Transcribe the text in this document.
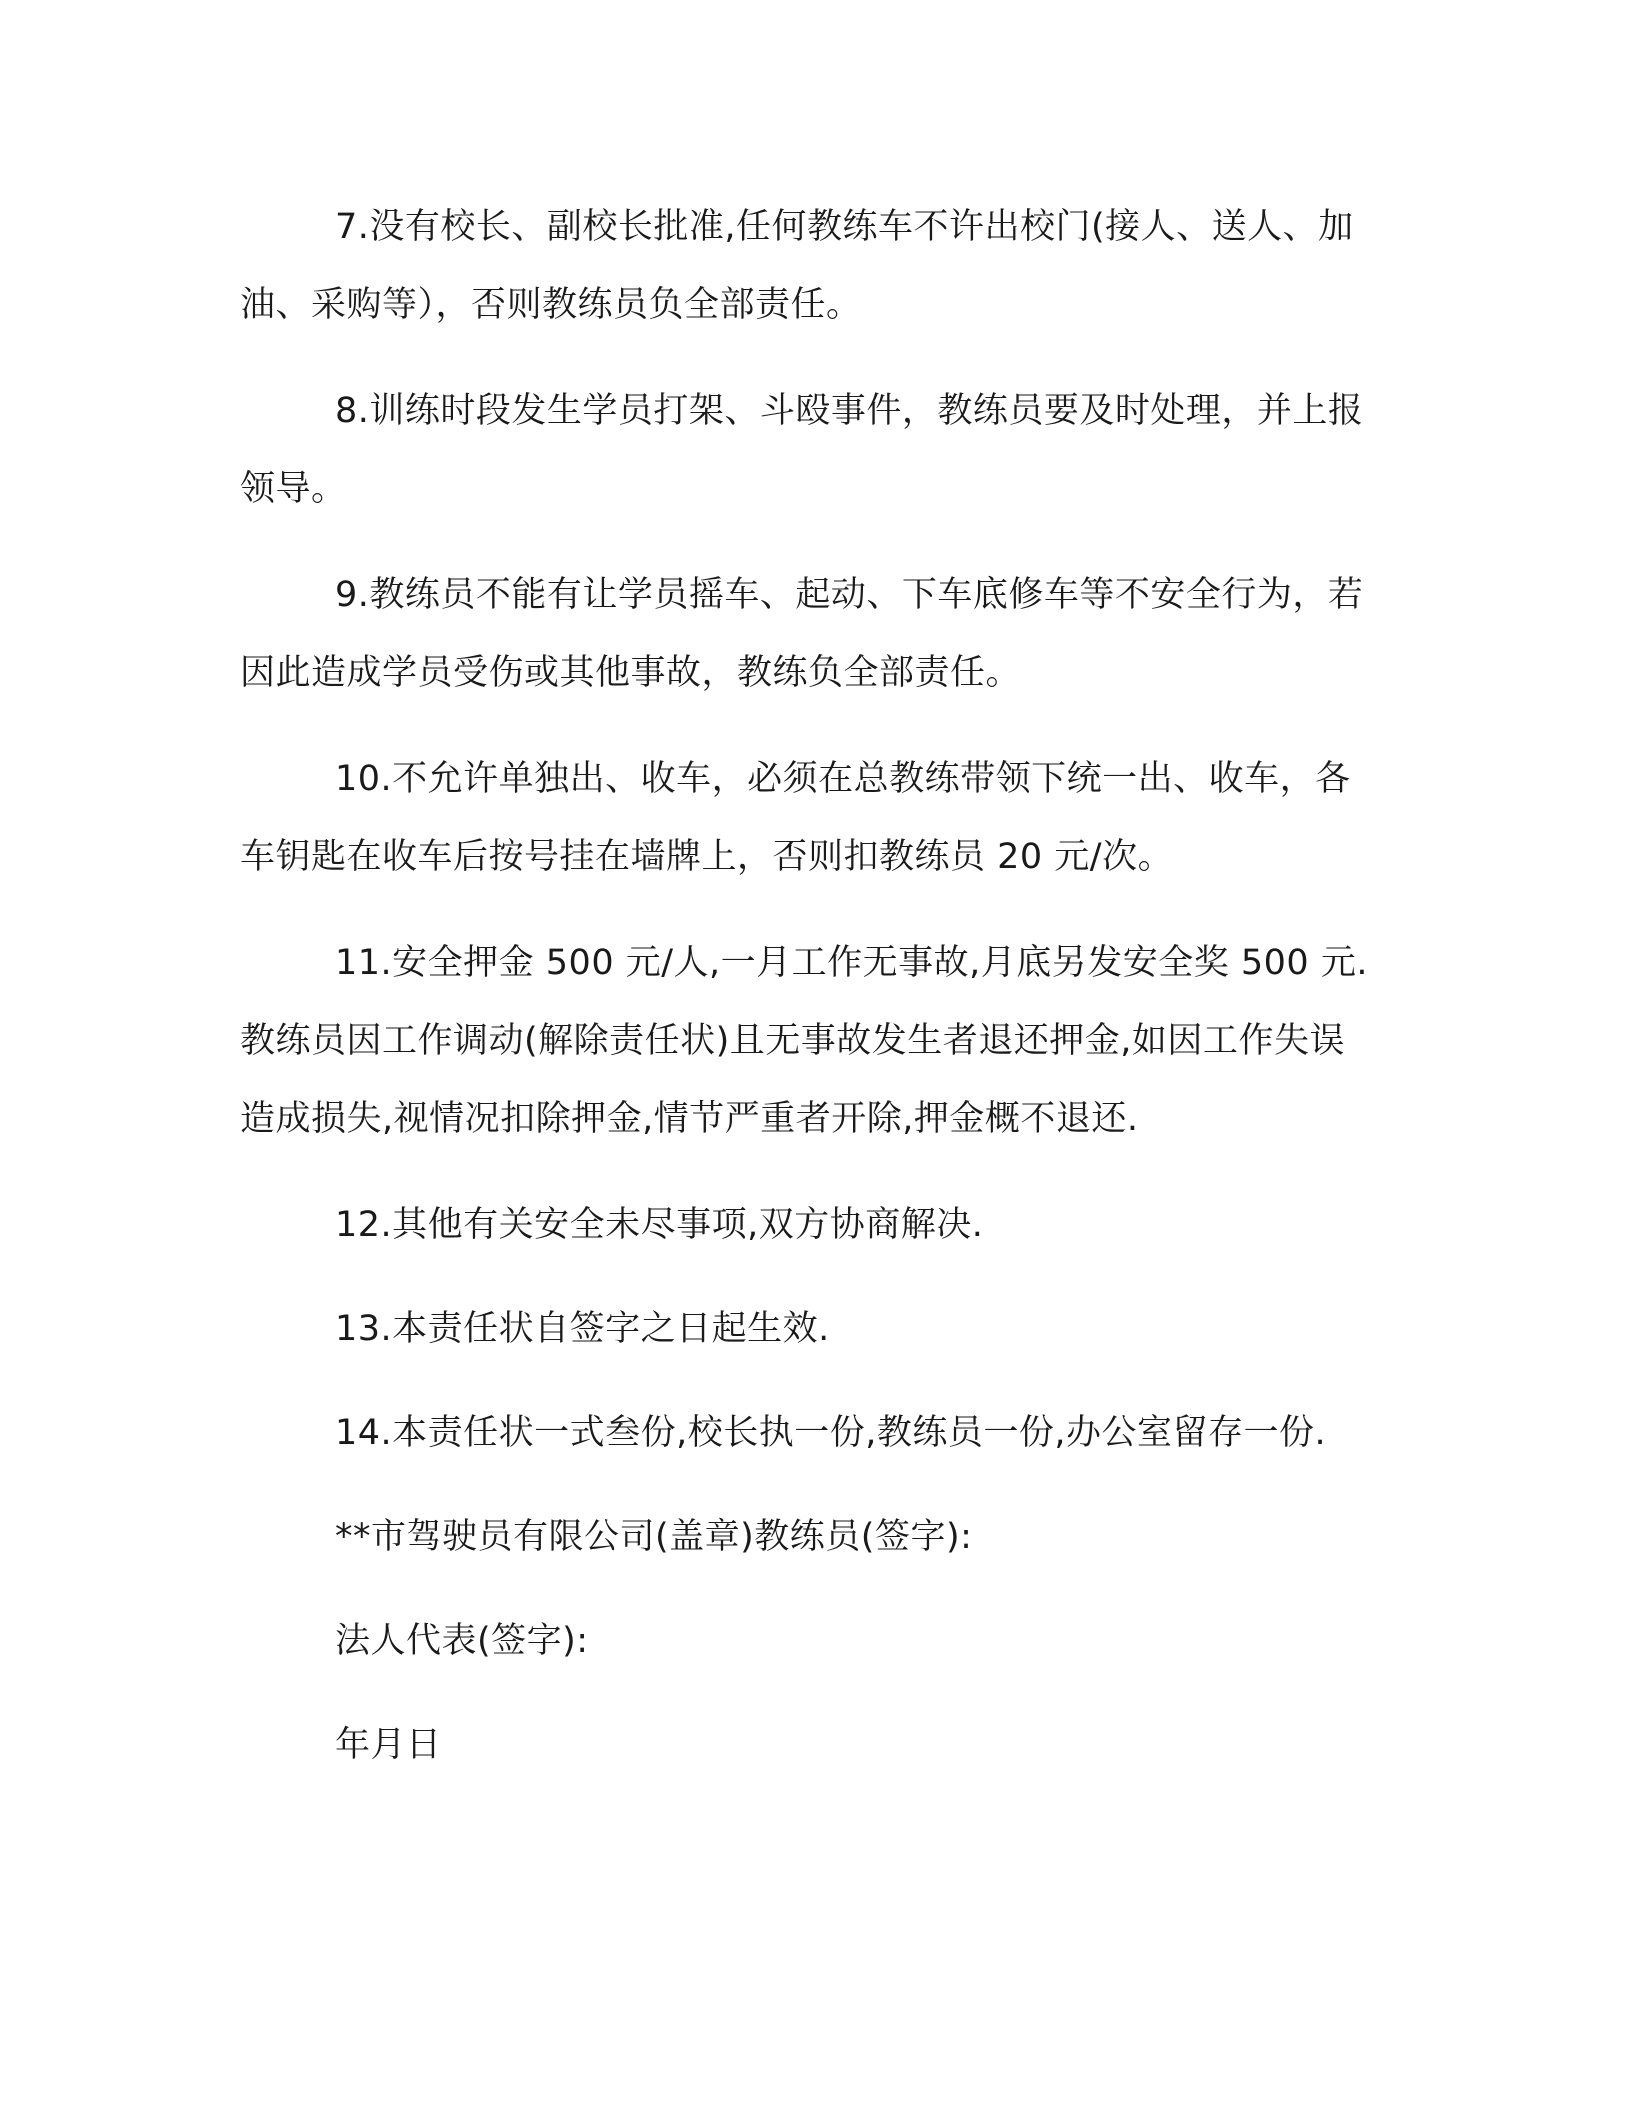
7.没有校长、副校长批准,任何教练车不许出校门(接人、送人、加油、采购等），否则教练员负全部责任。

8.训练时段发生学员打架、斗殴事件，教练员要及时处理，并上报领导。

9.教练员不能有让学员摇车、起动、下车底修车等不安全行为，若因此造成学员受伤或其他事故，教练负全部责任。

10.不允许单独出、收车，必须在总教练带领下统一出、收车，各车钥匙在收车后按号挂在墙牌上，否则扣教练员 20 元/次。

11.安全押金 500 元/人,一月工作无事故,月底另发安全奖 500 元.教练员因工作调动(解除责任状)且无事故发生者退还押金,如因工作失误造成损失,视情况扣除押金,情节严重者开除,押金概不退还.

12.其他有关安全未尽事项,双方协商解决.

13.本责任状自签字之日起生效.

14.本责任状一式叁份,校长执一份,教练员一份,办公室留存一份.

**市驾驶员有限公司(盖章)教练员(签字):

法人代表(签字):

年月日
